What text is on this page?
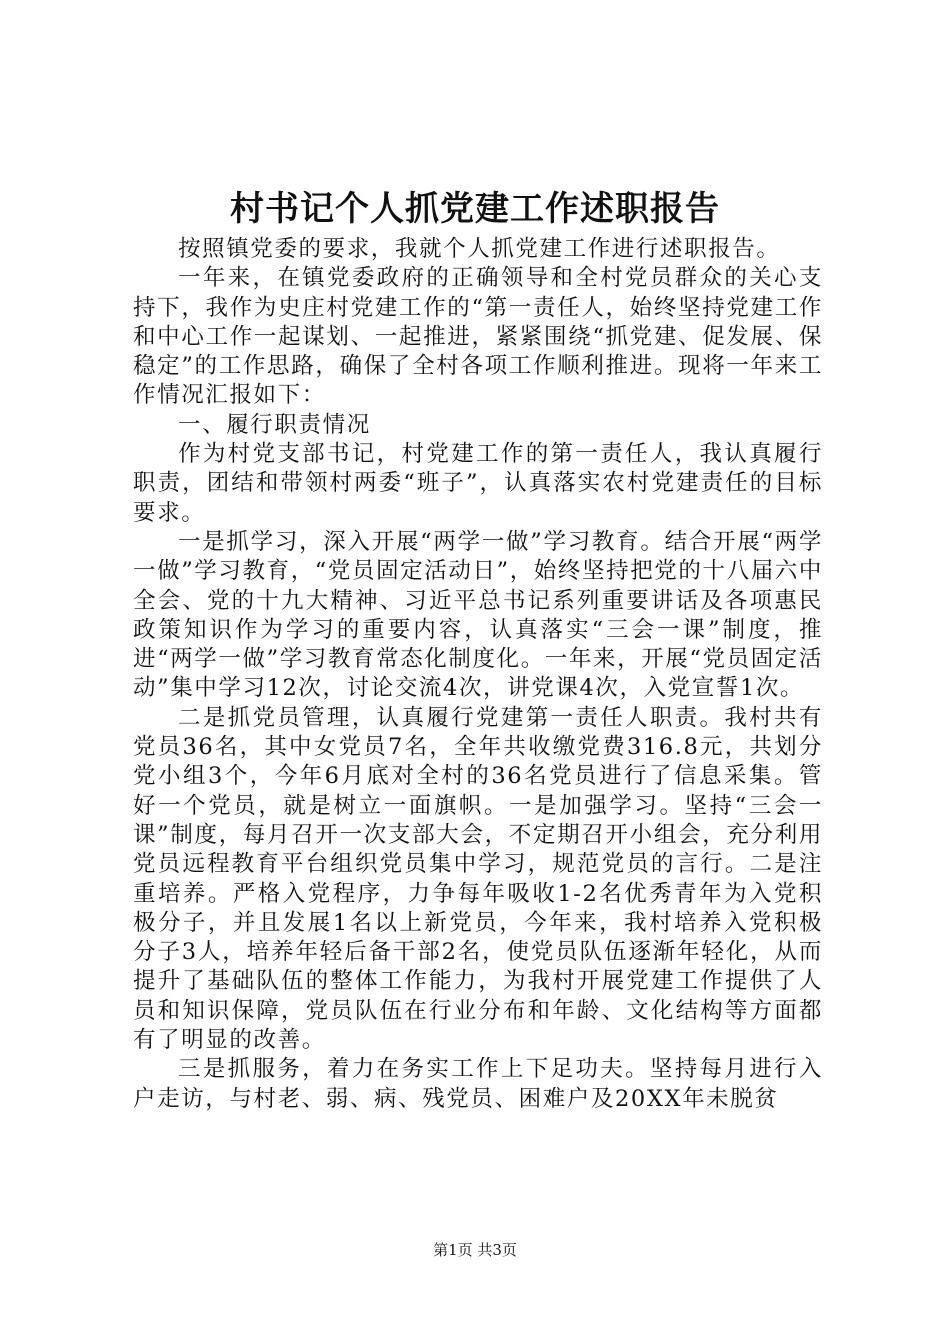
村书记个人抓党建工作述职报告

按照镇党委的要求，我就个人抓党建工作进行述职报告。

一年来，在镇党委政府的正确领导和全村党员群众的关心支持下，我作为史庄村党建工作的“第一责任人，始终坚持党建工作和中心工作一起谋划、一起推进，紧紧围绕“抓党建、促发展、保稳定”的工作思路，确保了全村各项工作顺利推进。现将一年来工作情况汇报如下：

一、履行职责情况

作为村党支部书记，村党建工作的第一责任人，我认真履行职责，团结和带领村两委“班子”，认真落实农村党建责任的目标要求。

一是抓学习，深入开展“两学一做”学习教育。结合开展“两学一做”学习教育，“党员固定活动日”，始终坚持把党的十八届六中全会、党的十九大精神、习近平总书记系列重要讲话及各项惠民政策知识作为学习的重要内容，认真落实“三会一课”制度，推进“两学一做”学习教育常态化制度化。一年来，开展“党员固定活动”集中学习12次，讨论交流4次，讲党课4次，入党宣誓1次。

二是抓党员管理，认真履行党建第一责任人职责。我村共有党员36名，其中女党员7名，全年共收缴党费316.8元，共划分党小组3个，今年6月底对全村的36名党员进行了信息采集。管好一个党员，就是树立一面旗帜。一是加强学习。坚持“三会一课”制度，每月召开一次支部大会，不定期召开小组会，充分利用党员远程教育平台组织党员集中学习，规范党员的言行。二是注重培养。严格入党程序，力争每年吸收1-2名优秀青年为入党积极分子，并且发展1名以上新党员，今年来，我村培养入党积极分子3人，培养年轻后备干部2名，使党员队伍逐渐年轻化，从而提升了基础队伍的整体工作能力，为我村开展党建工作提供了人员和知识保障，党员队伍在行业分布和年龄、文化结构等方面都有了明显的改善。

三是抓服务，着力在务实工作上下足功夫。坚持每月进行入户走访，与村老、弱、病、残党员、困难户及20XX年未脱贫

第1页 共3页
